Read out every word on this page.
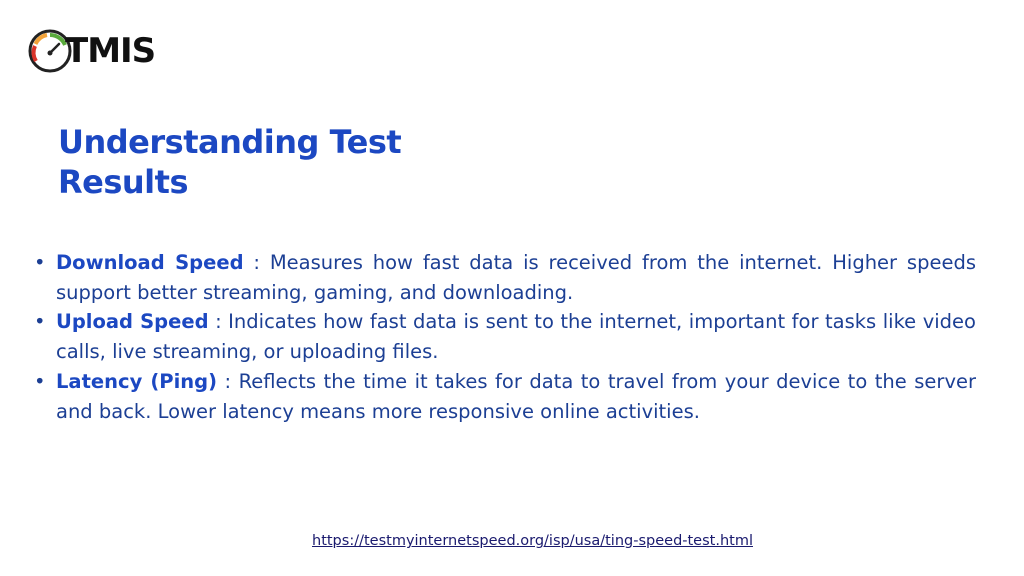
TMIS
Understanding Test
Results
• Download Speed : Measures how fast data is received from the internet. Higher speeds support better streaming, gaming, and downloading.
• Upload Speed : Indicates how fast data is sent to the internet, important for tasks like video calls, live streaming, or uploading files.
• Latency (Ping) : Reflects the time it takes for data to travel from your device to the server and back. Lower latency means more responsive online activities.
https://testmyinternetspeed.org/isp/usa/ting-speed-test.html
